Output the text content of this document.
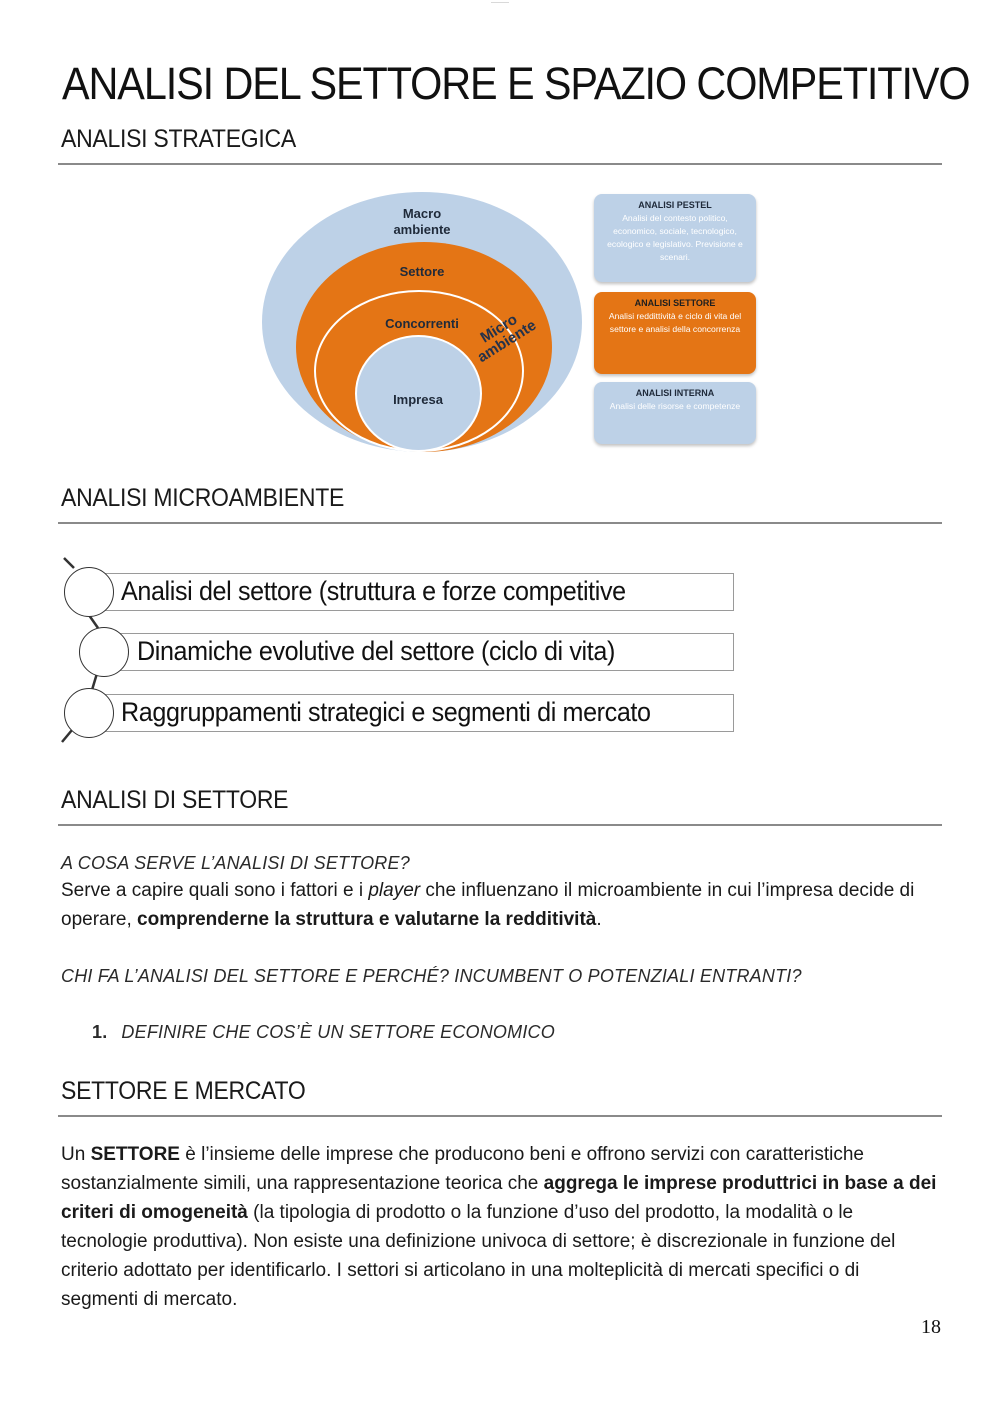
———
ANALISI DEL SETTORE E SPAZIO COMPETITIVO
ANALISI STRATEGICA
Macro
ambiente
Settore
Concorrenti
Impresa
Micro
ambiente
ANALISI PESTEL
Analisi del contesto politico, economico, sociale, tecnologico, ecologico e legislativo. Previsione e scenari.
ANALISI SETTORE
Analisi reddittività e ciclo di vita del settore e analisi della concorrenza
ANALISI INTERNA
Analisi delle risorse e competenze
ANALISI MICROAMBIENTE
Analisi del settore (struttura e forze competitive
Dinamiche evolutive del settore (ciclo di vita)
Raggruppamenti strategici e segmenti di mercato
ANALISI DI SETTORE
A COSA SERVE L’ANALISI DI SETTORE?
Serve a capire quali sono i fattori e i player che influenzano il microambiente in cui l’impresa decide di operare, comprenderne la struttura e valutarne la redditività.
CHI FA L’ANALISI DEL SETTORE E PERCHÉ? INCUMBENT O POTENZIALI ENTRANTI?
1. DEFINIRE CHE COS’È UN SETTORE ECONOMICO
SETTORE E MERCATO
Un SETTORE è l’insieme delle imprese che producono beni e offrono servizi con caratteristiche sostanzialmente simili, una rappresentazione teorica che aggrega le imprese produttrici in base a dei criteri di omogeneità (la tipologia di prodotto o la funzione d’uso del prodotto, la modalità o le tecnologie produttiva). Non esiste una definizione univoca di settore; è discrezionale in funzione del criterio adottato per identificarlo. I settori si articolano in una molteplicità di mercati specifici o di segmenti di mercato.
18
